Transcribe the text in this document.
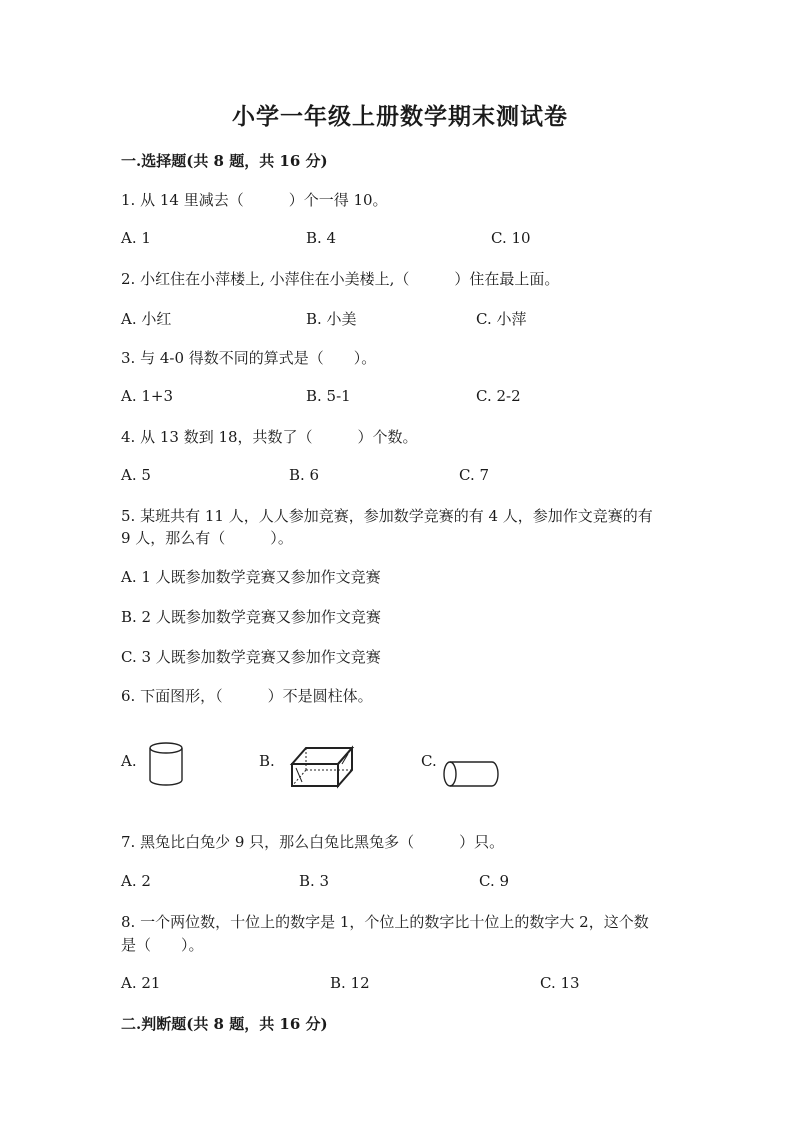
小学一年级上册数学期末测试卷
一.选择题(共 8 题，共 16 分)
1. 从 14 里减去（　　　）个一得 10。
A. 1	B. 4	C. 10
2. 小红住在小萍楼上, 小萍住在小美楼上,（　　　）住在最上面。
A. 小红	B. 小美	C. 小萍
3. 与 4-0 得数不同的算式是（　　）。
A. 1+3	B. 5-1	C. 2-2
4. 从 13 数到 18，共数了（　　　）个数。
A. 5	B. 6	C. 7
5. 某班共有 11 人，人人参加竞赛，参加数学竞赛的有 4 人，参加作文竞赛的有
9 人，那么有（　　　）。
A. 1 人既参加数学竞赛又参加作文竞赛
B. 2 人既参加数学竞赛又参加作文竞赛
C. 3 人既参加数学竞赛又参加作文竞赛
6. 下面图形，（　　　）不是圆柱体。
A.	B.	C.
7. 黑兔比白兔少 9 只，那么白兔比黑兔多（　　　）只。
A. 2	B. 3	C. 9
8. 一个两位数，十位上的数字是 1，个位上的数字比十位上的数字大 2，这个数
是（　　）。
A. 21	B. 12	C. 13
二.判断题(共 8 题，共 16 分)
